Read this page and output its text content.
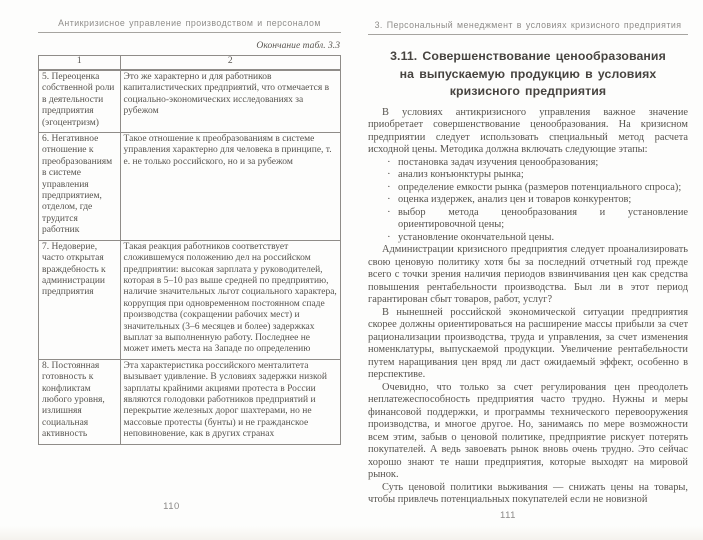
Антикризисное управление производством и персоналом
Окончание табл. 3.3
1	2
5. Переоценка собственной роли в деятельности предприятия (эгоцентризм)	Это же характерно и для работников капиталистических предприятий, что отмечается в социально-экономических исследованиях за рубежом
6. Негативное отношение к преобразованиям в системе управления предприятием, отделом, где трудится работник	Такое отношение к преобразованиям в системе управления характерно для человека в принципе, т. е. не только российского, но и за рубежом
7. Недоверие, часто открытая враждебность к администрации предприятия	Такая реакция работников соответствует сложившемуся положению дел на российском предприятии: высокая зарплата у руководителей, которая в 5–10 раз выше средней по предприятию, наличие значительных льгот социального характера, коррупция при одновременном постоянном спаде производства (сокращении рабочих мест) и значительных (3–6 месяцев и более) задержках выплат за выполненную работу. Последнее не может иметь места на Западе по определению
8. Постоянная готовность к конфликтам любого уровня, излишняя социальная активность	Эта характеристика российского менталитета вызывает удивление. В условиях задержки низкой зарплаты крайними акциями протеста в России являются голодовки работников предприятий и перекрытие железных дорог шахтерами, но не массовые протесты (бунты) и не гражданское неповиновение, как в других странах
110
3. Персональный менеджмент в условиях кризисного предприятия
3.11. Совершенствование ценообразования
на выпускаемую продукцию в условиях
кризисного предприятия

В условиях антикризисного управления важное значение приобретает совершенствование ценообразования. На кризисном предприятии следует использовать специальный метод расчета исходной цены. Методика должна включать следующие этапы:

· постановка задач изучения ценообразования;
· анализ конъюнктуры рынка;
· определение емкости рынка (размеров потенциального спроса);
· оценка издержек, анализ цен и товаров конкурентов;
· выбор метода ценообразования и установление ориентировочной цены;
· установление окончательной цены.

Администрации кризисного предприятия следует проанализировать свою ценовую политику хотя бы за последний отчетный год прежде всего с точки зрения наличия периодов взвинчивания цен как средства повышения рентабельности производства. Был ли в этот период гарантирован сбыт товаров, работ, услуг?

В нынешней российской экономической ситуации предприятия скорее должны ориентироваться на расширение массы прибыли за счет рационализации производства, труда и управления, за счет изменения номенклатуры, выпускаемой продукции. Увеличение рентабельности путем наращивания цен вряд ли даст ожидаемый эффект, особенно в перспективе.

Очевидно, что только за счет регулирования цен преодолеть неплатежеспособность предприятия часто трудно. Нужны и меры финансовой поддержки, и программы технического перевооружения производства, и многое другое. Но, занимаясь по мере возможности всем этим, забыв о ценовой политике, предприятие рискует потерять покупателей. А ведь завоевать рынок вновь очень трудно. Это сейчас хорошо знают те наши предприятия, которые выходят на мировой рынок.

Суть ценовой политики выживания — снижать цены на товары, чтобы привлечь потенциальных покупателей если не новизной

111
